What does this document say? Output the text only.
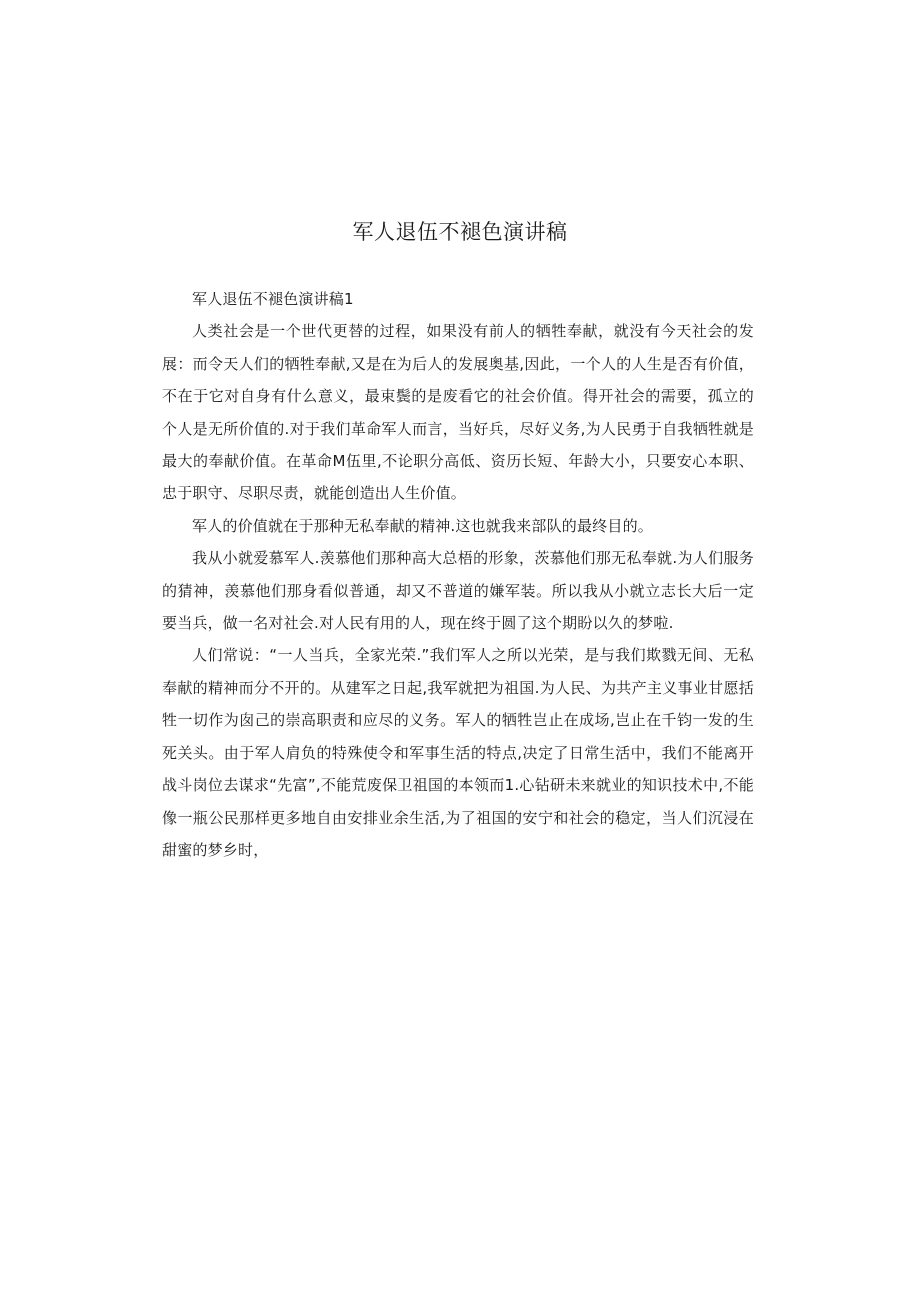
军人退伍不褪色演讲稿

军人退伍不褪色演讲稿1

人类社会是一个世代更替的过程，如果没有前人的牺牲奉献，就没有今天社会的发展：而令天人们的牺牲奉献,又是在为后人的发展奥基,因此，一个人的人生是否有价值，不在于它对自身有什么意义，最束鬓的是废看它的社会价值。得开社会的需要，孤立的个人是无所价值的.对于我们革命军人而言，当好兵，尽好义务,为人民勇于自我牺牲就是最大的奉献价值。在革命M伍里,不论职分高低、资历长短、年龄大小，只要安心本职、忠于职守、尽职尽责，就能创造出人生价值。

军人的价值就在于那种无私奉献的精神.这也就我来部队的最终目的。

我从小就爱慕军人.羡慕他们那种高大总梧的形象，茨慕他们那无私奉就.为人们服务的猜神，羡慕他们那身看似普通，却又不普道的嫌军装。所以我从小就立志长大后一定要当兵，做一名对社会.对人民有用的人，现在终于圆了这个期盼以久的梦啦.

人们常说：“一人当兵，全家光荣.”我们军人之所以光荣，是与我们欺戮无间、无私奉献的精神而分不开的。从建军之日起,我军就把为祖国.为人民、为共产主义事业甘愿括牲一切作为囱己的崇高职责和应尽的义务。军人的牺牲岂止在成场,岂止在千钧一发的生死关头。由于军人肩负的特殊使令和军事生活的特点,决定了日常生活中，我们不能离开战斗岗位去谋求“先富”,不能荒废保卫祖国的本领而1.心钻研未来就业的知识技术中,不能像一瓶公民那样更多地自由安排业余生活,为了祖国的安宁和社会的稳定，当人们沉浸在甜蜜的梦乡时，
